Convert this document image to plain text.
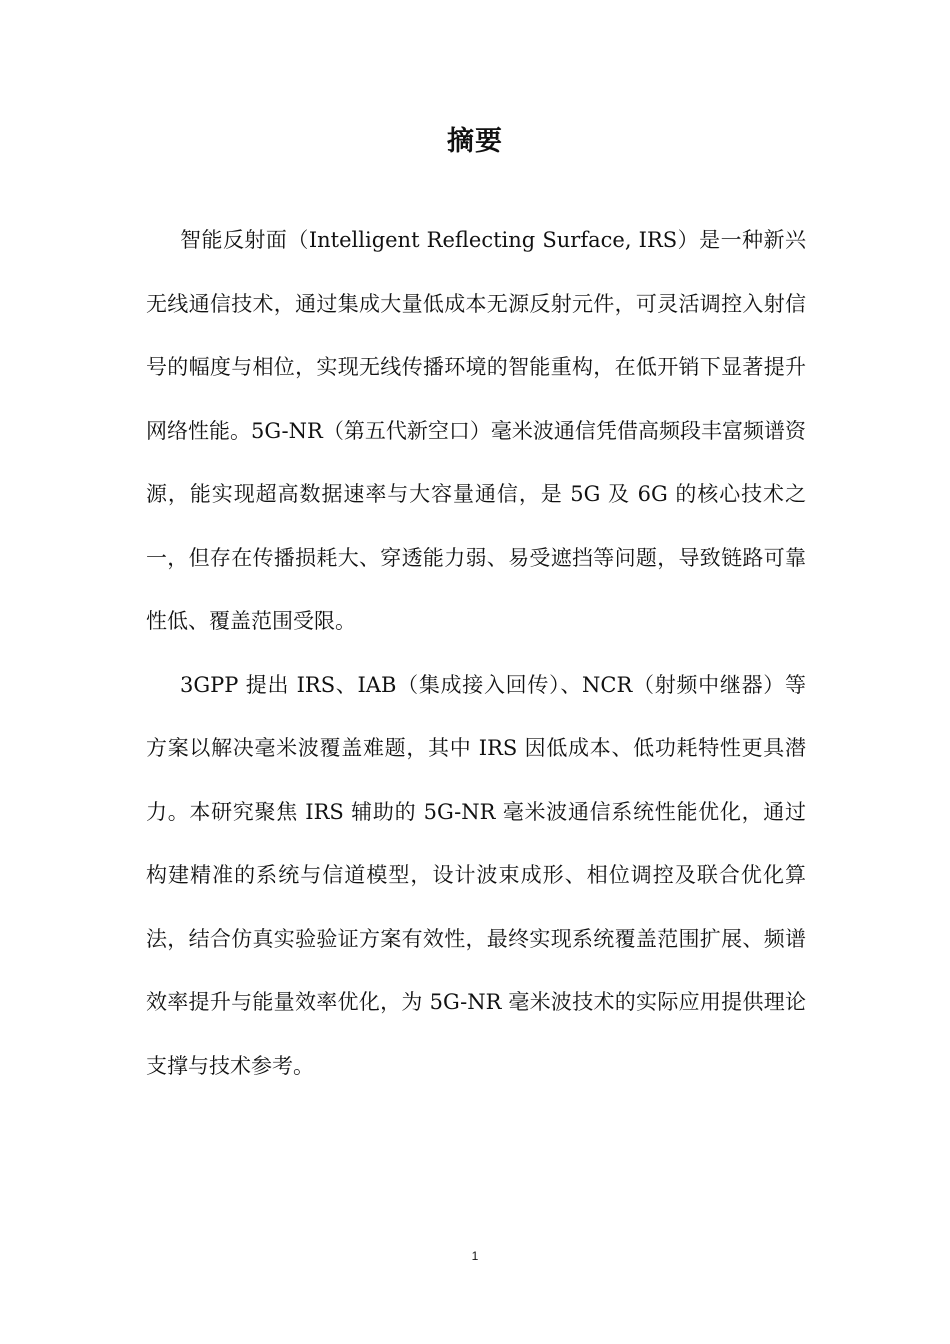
摘要

智能反射面（Intelligent Reflecting Surface, IRS）是一种新兴无线通信技术，通过集成大量低成本无源反射元件，可灵活调控入射信号的幅度与相位，实现无线传播环境的智能重构，在低开销下显著提升网络性能。5G-NR（第五代新空口）毫米波通信凭借高频段丰富频谱资源，能实现超高数据速率与大容量通信，是 5G 及 6G 的核心技术之一，但存在传播损耗大、穿透能力弱、易受遮挡等问题，导致链路可靠性低、覆盖范围受限。

3GPP 提出 IRS、IAB（集成接入回传）、NCR（射频中继器）等方案以解决毫米波覆盖难题，其中 IRS 因低成本、低功耗特性更具潜力。本研究聚焦 IRS 辅助的 5G-NR 毫米波通信系统性能优化，通过构建精准的系统与信道模型，设计波束成形、相位调控及联合优化算法，结合仿真实验验证方案有效性，最终实现系统覆盖范围扩展、频谱效率提升与能量效率优化，为 5G-NR 毫米波技术的实际应用提供理论支撑与技术参考。

1
